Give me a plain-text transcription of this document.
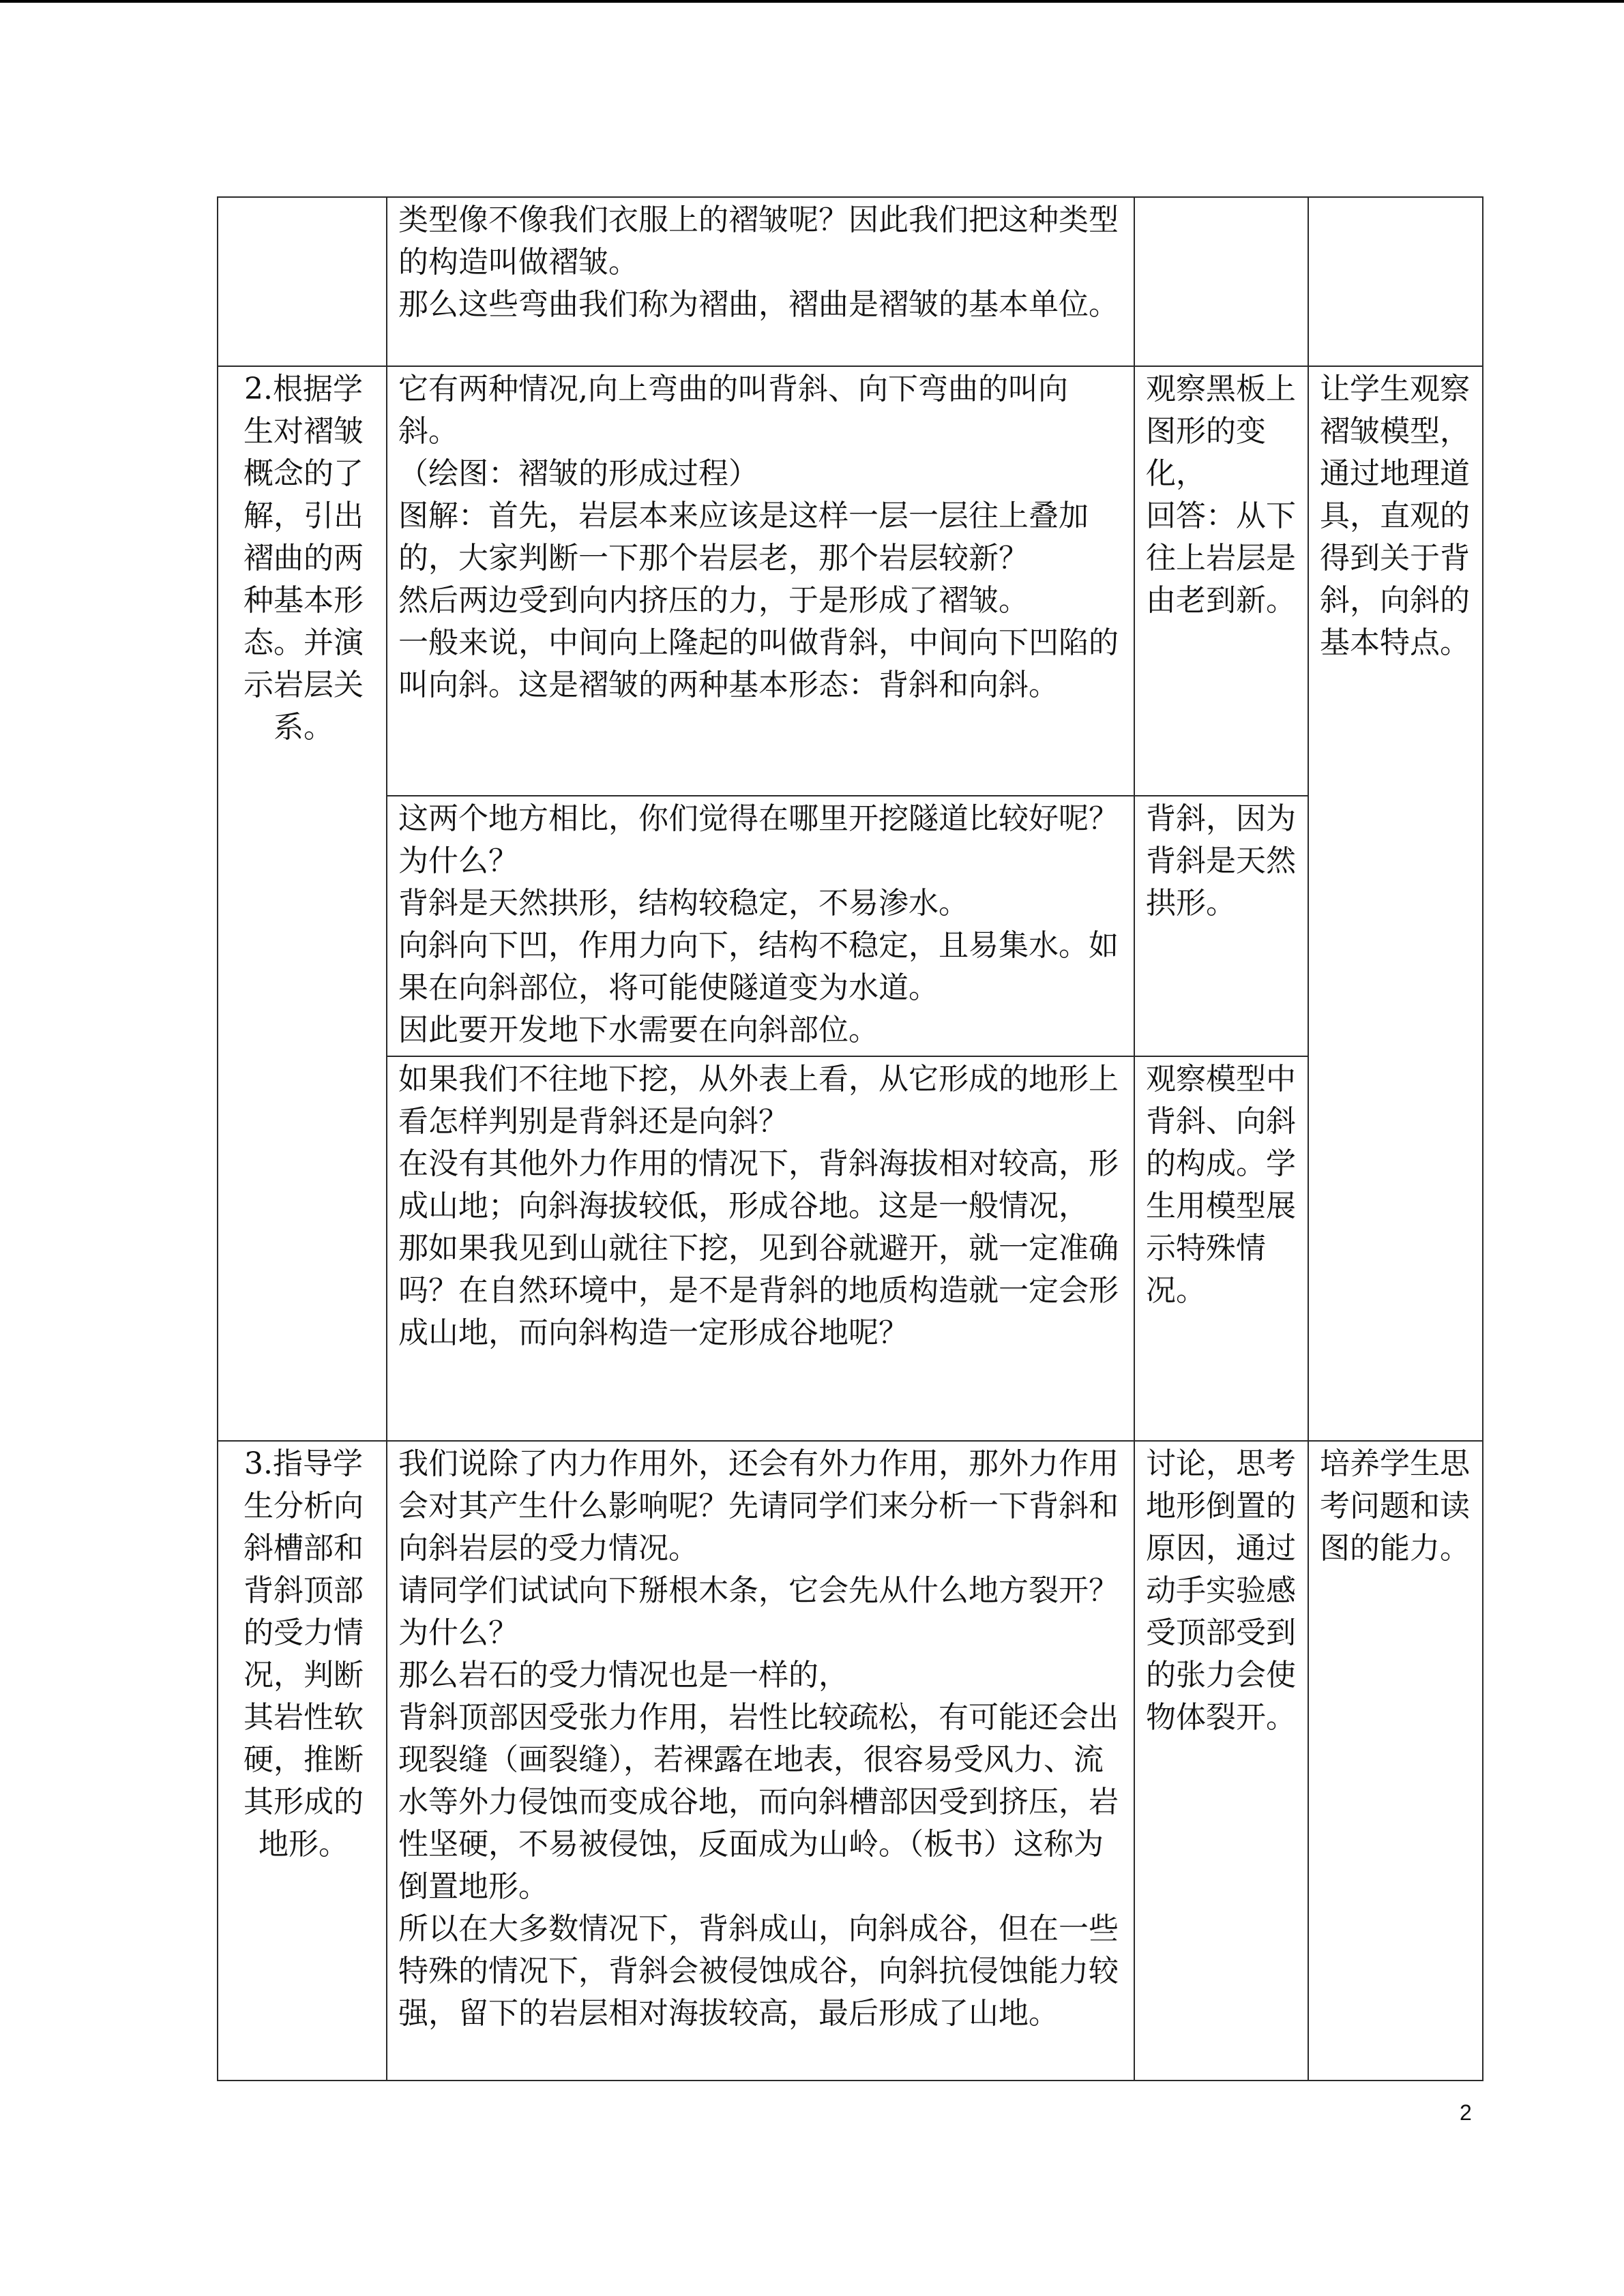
	类型像不像我们衣服上的褶皱呢？因此我们把这种类型的构造叫做褶皱。
那么这些弯曲我们称为褶曲，褶曲是褶皱的基本单位。		

2.根据学生对褶皱概念的了解，引出褶曲的两种基本形态。并演示岩层关系。	它有两种情况,向上弯曲的叫背斜、向下弯曲的叫向斜。
（绘图：褶皱的形成过程）
图解：首先，岩层本来应该是这样一层一层往上叠加的，大家判断一下那个岩层老，那个岩层较新？
然后两边受到向内挤压的力，于是形成了褶皱。
一般来说，中间向上隆起的叫做背斜，中间向下凹陷的叫向斜。这是褶皱的两种基本形态：背斜和向斜。	观察黑板上图形的变化，
回答：从下往上岩层是由老到新。	让学生观察褶皱模型，通过地理道具，直观的得到关于背斜，向斜的基本特点。

	这两个地方相比，你们觉得在哪里开挖隧道比较好呢？为什么？
背斜是天然拱形，结构较稳定，不易渗水。
向斜向下凹，作用力向下，结构不稳定，且易集水。如果在向斜部位，将可能使隧道变为水道。
因此要开发地下水需要在向斜部位。	背斜，因为背斜是天然拱形。	

	如果我们不往地下挖，从外表上看，从它形成的地形上看怎样判别是背斜还是向斜？
在没有其他外力作用的情况下，背斜海拔相对较高，形成山地；向斜海拔较低，形成谷地。这是一般情况，
那如果我见到山就往下挖，见到谷就避开，就一定准确吗？在自然环境中，是不是背斜的地质构造就一定会形成山地，而向斜构造一定形成谷地呢？	观察模型中背斜、向斜的构成。学生用模型展示特殊情况。	

3.指导学生分析向斜槽部和背斜顶部的受力情况，判断其岩性软硬，推断其形成的地形。	我们说除了内力作用外，还会有外力作用，那外力作用会对其产生什么影响呢？先请同学们来分析一下背斜和向斜岩层的受力情况。
请同学们试试向下掰根木条，它会先从什么地方裂开？为什么？
那么岩石的受力情况也是一样的，
背斜顶部因受张力作用，岩性比较疏松，有可能还会出现裂缝（画裂缝），若裸露在地表，很容易受风力、流水等外力侵蚀而变成谷地，而向斜槽部因受到挤压，岩性坚硬，不易被侵蚀，反面成为山岭。（板书）这称为倒置地形。
所以在大多数情况下，背斜成山，向斜成谷，但在一些特殊的情况下，背斜会被侵蚀成谷，向斜抗侵蚀能力较强，留下的岩层相对海拔较高，最后形成了山地。	讨论，思考地形倒置的原因，通过动手实验感受顶部受到的张力会使物体裂开。	培养学生思考问题和读图的能力。
2
